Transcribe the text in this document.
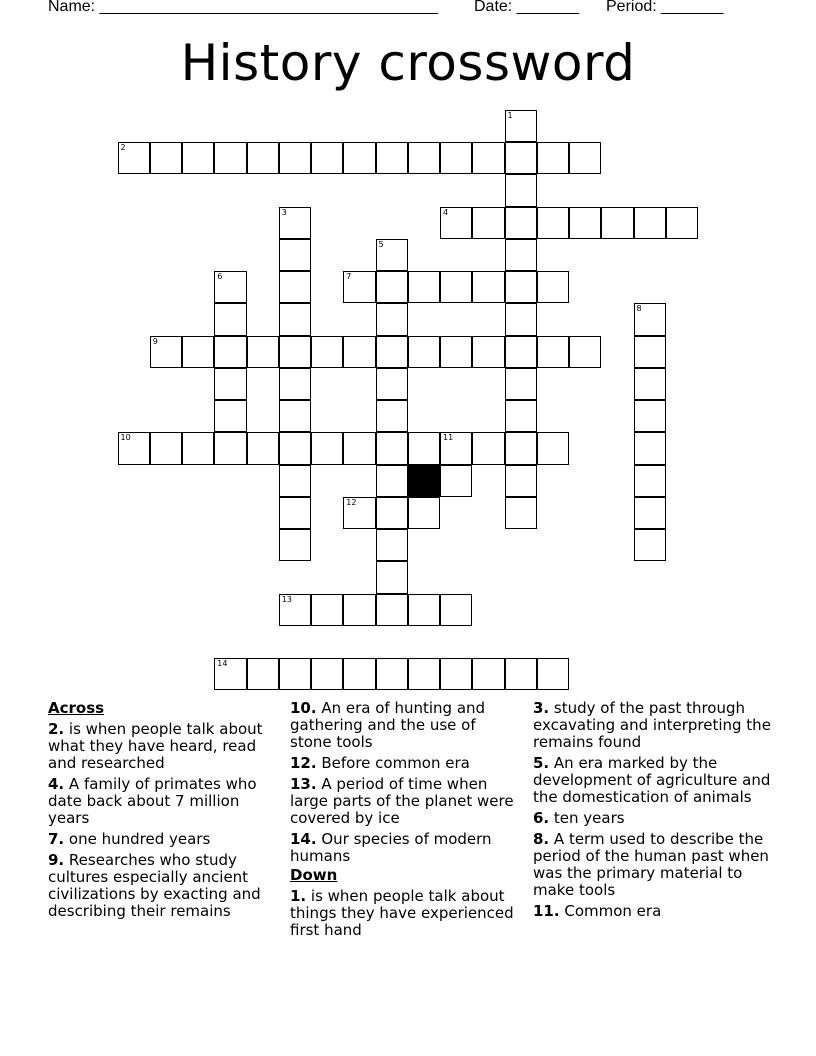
Name: ______________________________________ Date: _______ Period: _______
History crossword
1
2
3	4
5
6	7
8
9
10	11
12
13
14
Across
2. is when people talk about what they have heard, read and researched
4. A family of primates who date back about 7 million years
7. one hundred years
9. Researches who study cultures especially ancient civilizations by exacting and describing their remains
10. An era of hunting and gathering and the use of stone tools
12. Before common era
13. A period of time when large parts of the planet were covered by ice
14. Our species of modern humans
Down
1. is when people talk about things they have experienced first hand
3. study of the past through excavating and interpreting the remains found
5. An era marked by the development of agriculture and the domestication of animals
6. ten years
8. A term used to describe the period of the human past when was the primary material to make tools
11. Common era
